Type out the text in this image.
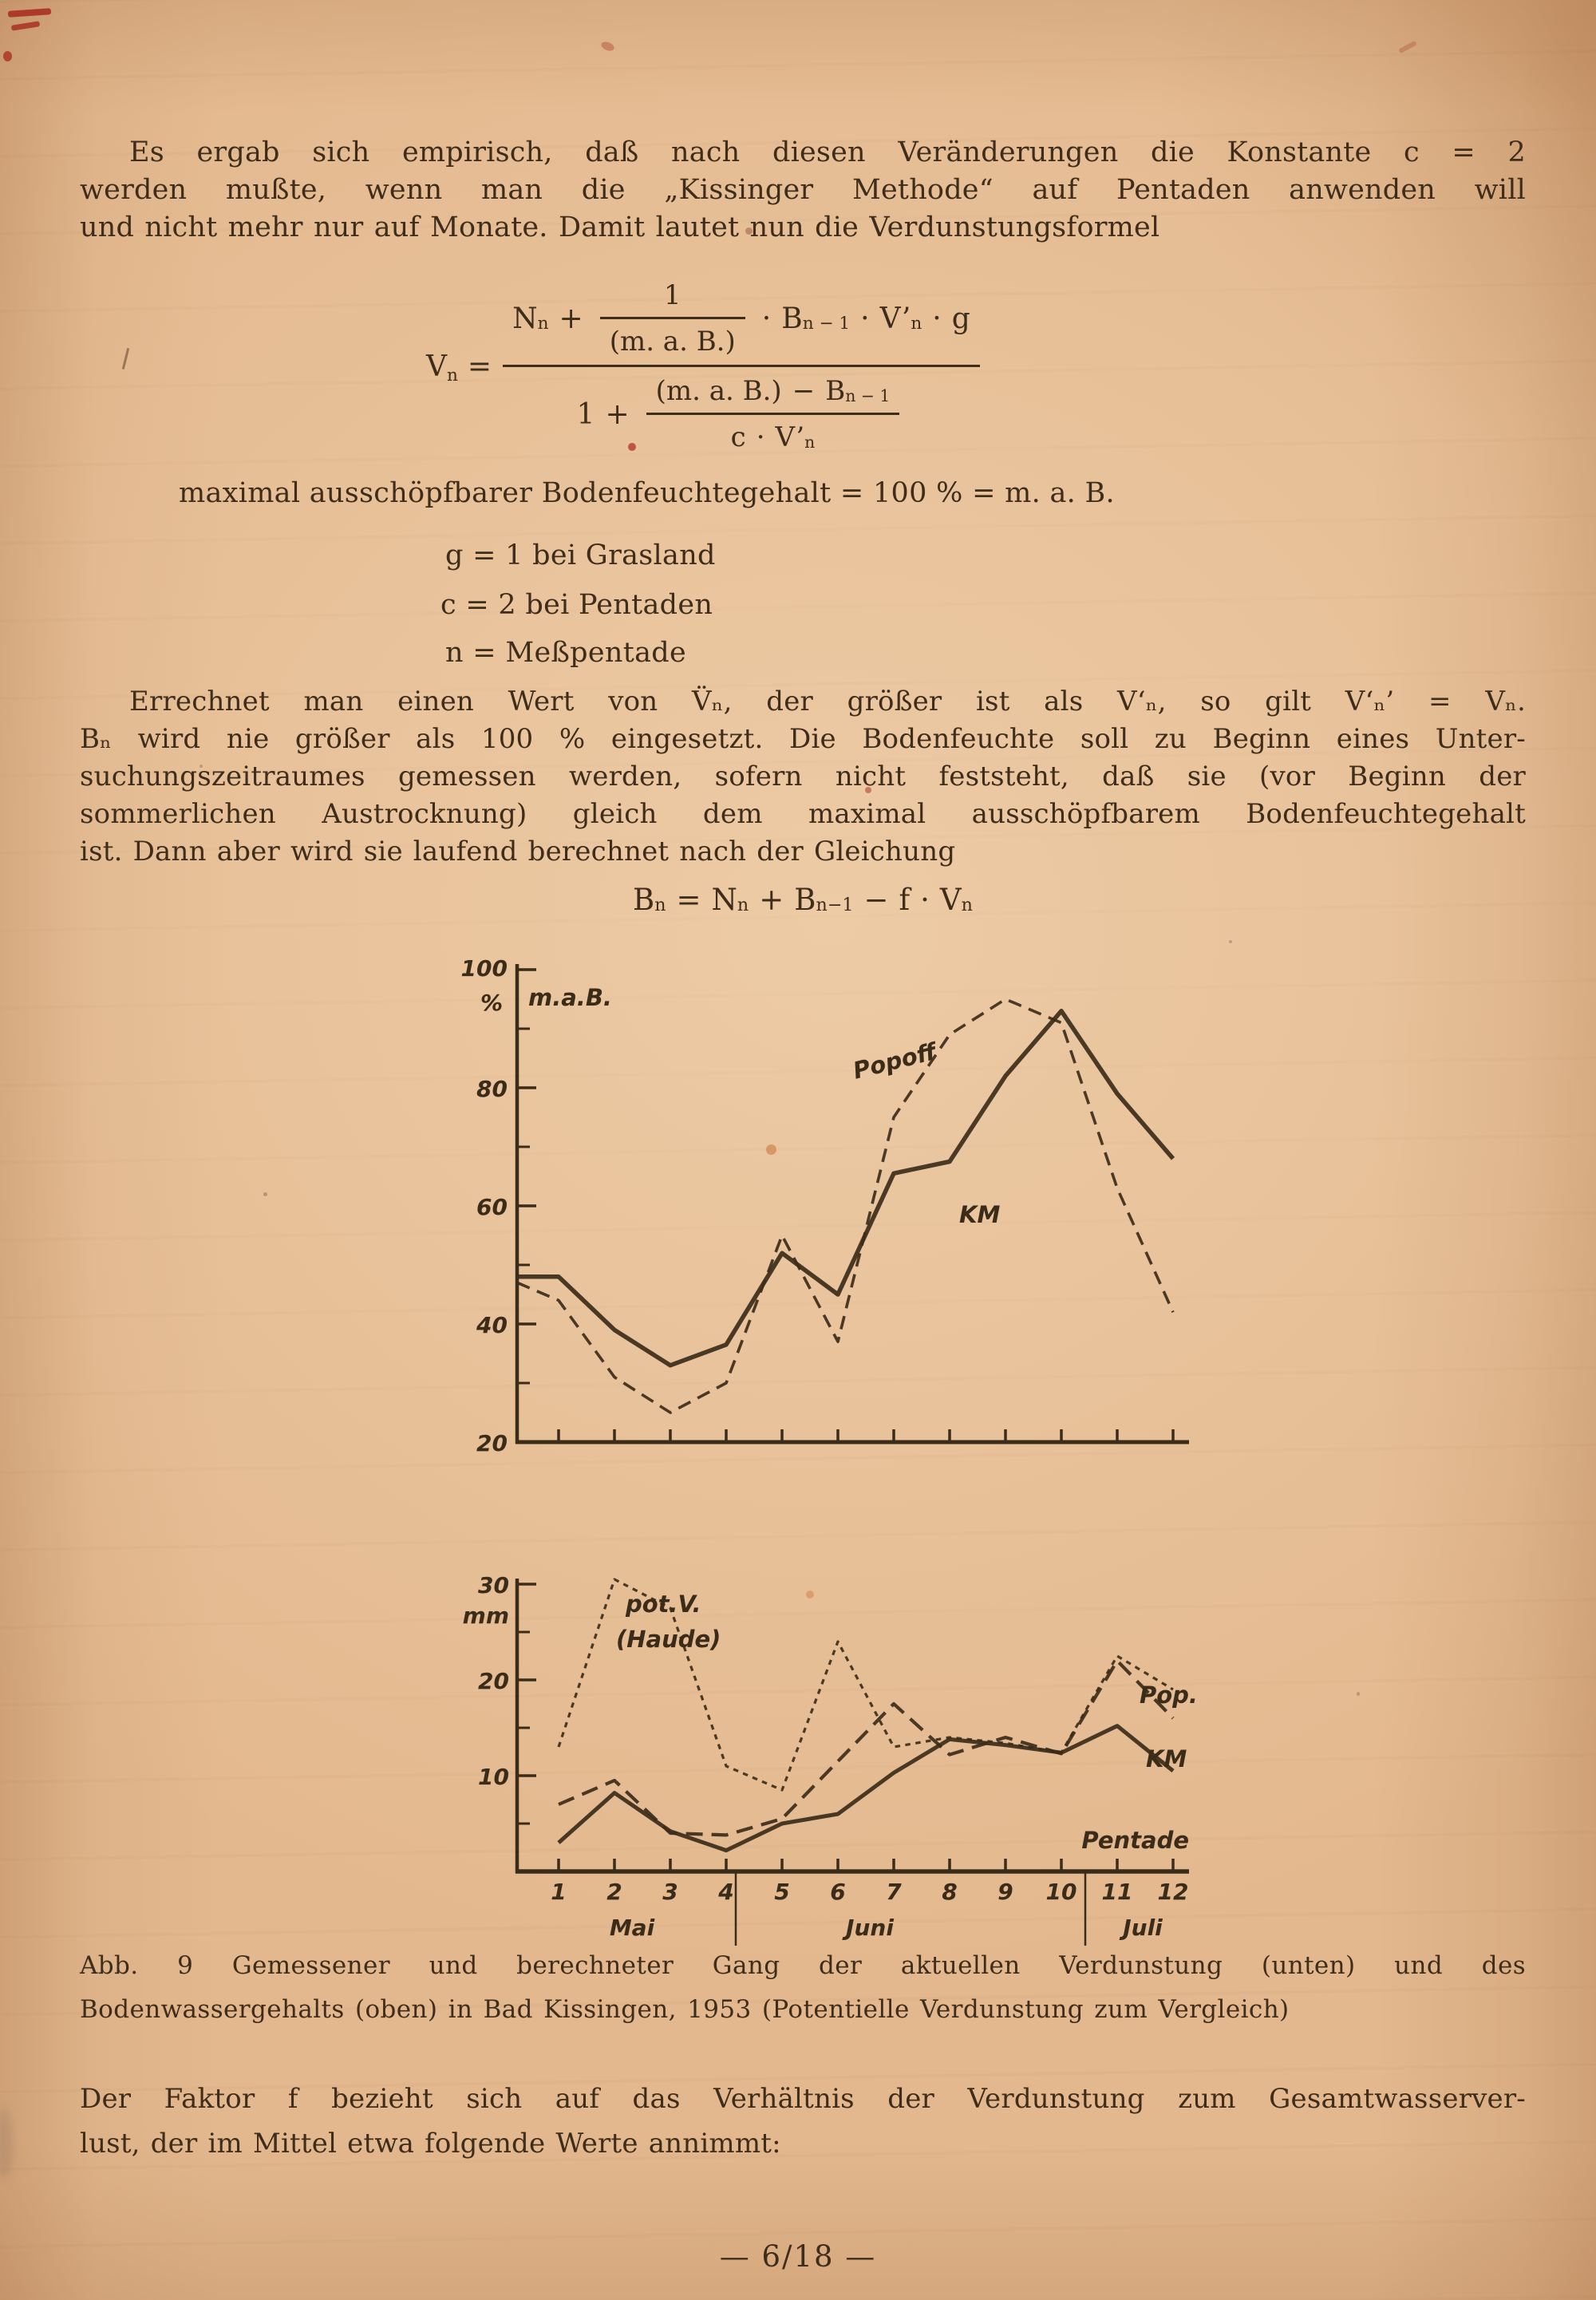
Es ergab sich empirisch, daß nach diesen Veränderungen die Konstante c = 2
werden mußte, wenn man die „Kissinger Methode“ auf Pentaden anwenden will
und nicht mehr nur auf Monate. Damit lautet nun die Verdunstungsformel
$V_n$ =
$N_n + \frac{1}{(m. a. B.)} \cdot B_{n - 1}$ · $V’_n \cdot g$
$1 + \frac{(m. a. B.) - B_{n - 1}}{c \cdot V’_n}$
maximal ausschöpfbarer Bodenfeuchtegehalt = 100 % = m. a. B.
g = 1 bei Grasland
c = 2 bei Pentaden
n = Meßpentade
Errechnet man einen Wert von V̈ₙ, der größer ist als V‘ₙ, so gilt V‘ₙ’ = Vₙ.
Bₙ wird nie größer als 100 % eingesetzt. Die Bodenfeuchte soll zu Beginn eines Unter-
suchungszeitraumes gemessen werden, sofern nicht feststeht, daß sie (vor Beginn der
sommerlichen Austrocknung) gleich dem maximal ausschöpfbarem Bodenfeuchtegehalt
ist. Dann aber wird sie laufend berechnet nach der Gleichung
$B_n = N_n + B_{n-1} - f \cdot V_n$
30
20
10
1 2 3 4 5 6 7 8 9 10 11 12
100
80
60
40
20
% m.a.B.
Popoff
KM
mm	pot.V.
(Haude)
Pop.
KM
Pentade
Mai	Juni	Juli
Abb. 9 Gemessener und berechneter Gang der aktuellen Verdunstung (unten) und des
Bodenwassergehalts (oben) in Bad Kissingen, 1953 (Potentielle Verdunstung zum Vergleich)
Der Faktor f bezieht sich auf das Verhältnis der Verdunstung zum Gesamtwasserver-
lust, der im Mittel etwa folgende Werte annimmt:
— 6/18 —
